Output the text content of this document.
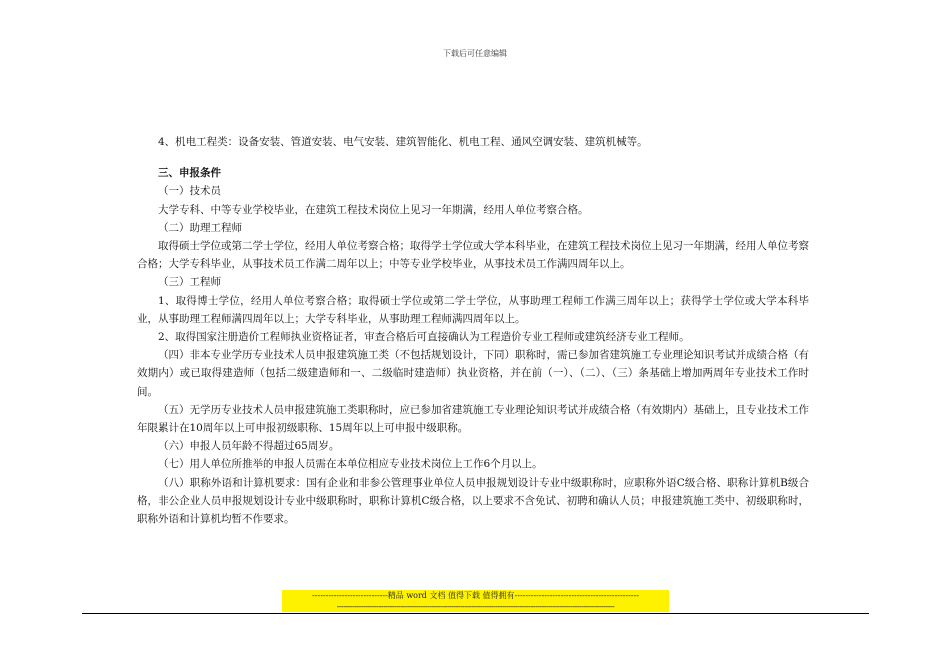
下载后可任意编辑

4、机电工程类：设备安装、管道安装、电气安装、建筑智能化、机电工程、通风空调安装、建筑机械等。

三、申报条件

（一）技术员

大学专科、中等专业学校毕业，在建筑工程技术岗位上见习一年期满，经用人单位考察合格。

（二）助理工程师

取得硕士学位或第二学士学位，经用人单位考察合格；取得学士学位或大学本科毕业，在建筑工程技术岗位上见习一年期满，经用人单位考察合格；大学专科毕业，从事技术员工作满二周年以上；中等专业学校毕业，从事技术员工作满四周年以上。

（三）工程师

1、取得博士学位，经用人单位考察合格；取得硕士学位或第二学士学位，从事助理工程师工作满三周年以上；获得学士学位或大学本科毕业，从事助理工程师满四周年以上；大学专科毕业，从事助理工程师满四周年以上。

2、取得国家注册造价工程师执业资格证者，审查合格后可直接确认为工程造价专业工程师或建筑经济专业工程师。

（四）非本专业学历专业技术人员申报建筑施工类（不包括规划设计，下同）职称时，需已参加省建筑施工专业理论知识考试并成绩合格（有效期内）或已取得建造师（包括二级建造师和一、二级临时建造师）执业资格，并在前（一）、（二）、（三）条基础上增加两周年专业技术工作时间。

（五）无学历专业技术人员申报建筑施工类职称时，应已参加省建筑施工专业理论知识考试并成绩合格（有效期内）基础上，且专业技术工作年限累计在10周年以上可申报初级职称、15周年以上可申报中级职称。

（六）申报人员年龄不得超过65周岁。

（七）用人单位所推举的申报人员需在本单位相应专业技术岗位上工作6个月以上。

（八）职称外语和计算机要求：国有企业和非参公管理事业单位人员申报规划设计专业中级职称时，应职称外语C级合格、职称计算机B级合格，非公企业人员申报规划设计专业中级职称时，职称计算机C级合格，以上要求不含免试、初聘和确认人员；申报建筑施工类中、初级职称时，职称外语和计算机均暂不作要求。

----------------------------精品 word 文档 值得下载 值得拥有----------------------------------------------
------------------------------------------------------------------------------------------------------------------------------
